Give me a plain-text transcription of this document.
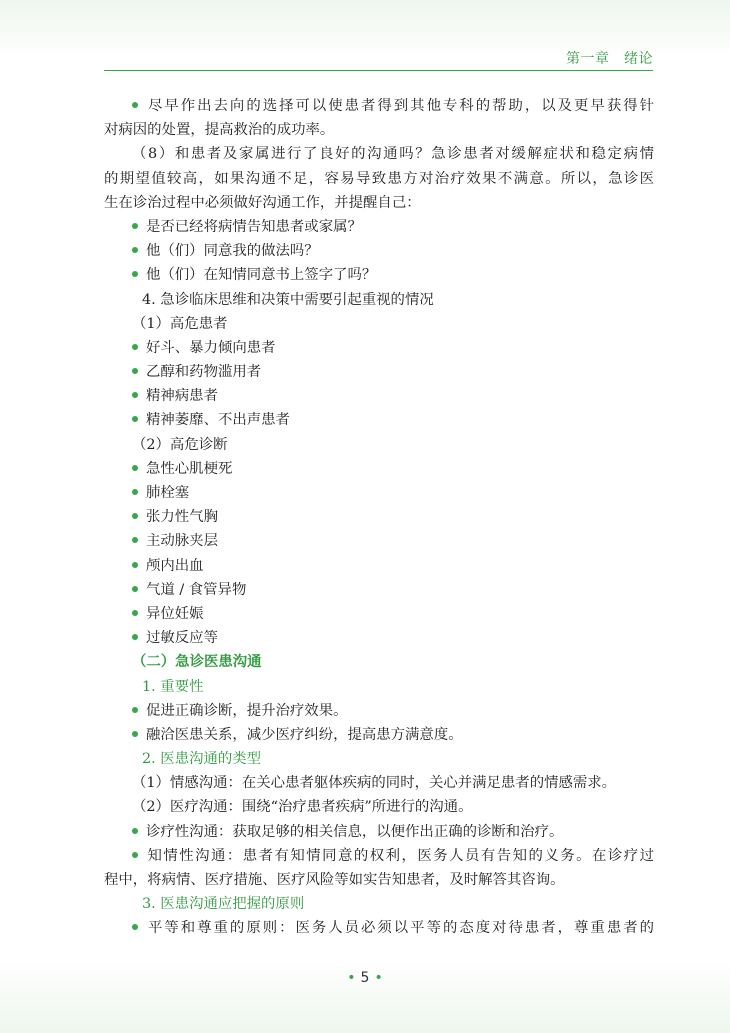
第一章　绪论
尽早作出去向的选择可以使患者得到其他专科的帮助，以及更早获得针
对病因的处置，提高救治的成功率。
（8）和患者及家属进行了良好的沟通吗？急诊患者对缓解症状和稳定病情
的期望值较高，如果沟通不足，容易导致患方对治疗效果不满意。所以，急诊医
生在诊治过程中必须做好沟通工作，并提醒自己：
是否已经将病情告知患者或家属？
他（们）同意我的做法吗？
他（们）在知情同意书上签字了吗？
4. 急诊临床思维和决策中需要引起重视的情况
（1）高危患者
好斗、暴力倾向患者
乙醇和药物滥用者
精神病患者
精神萎靡、不出声患者
（2）高危诊断
急性心肌梗死
肺栓塞
张力性气胸
主动脉夹层
颅内出血
气道 / 食管异物
异位妊娠
过敏反应等
（二）急诊医患沟通
1. 重要性
促进正确诊断，提升治疗效果。
融洽医患关系，减少医疗纠纷，提高患方满意度。
2. 医患沟通的类型
（1）情感沟通：在关心患者躯体疾病的同时，关心并满足患者的情感需求。
（2）医疗沟通：围绕“治疗患者疾病”所进行的沟通。
诊疗性沟通：获取足够的相关信息，以便作出正确的诊断和治疗。
知情性沟通：患者有知情同意的权利，医务人员有告知的义务。在诊疗过
程中，将病情、医疗措施、医疗风险等如实告知患者，及时解答其咨询。
3. 医患沟通应把握的原则
平等和尊重的原则：医务人员必须以平等的态度对待患者，尊重患者的
• 5 •
